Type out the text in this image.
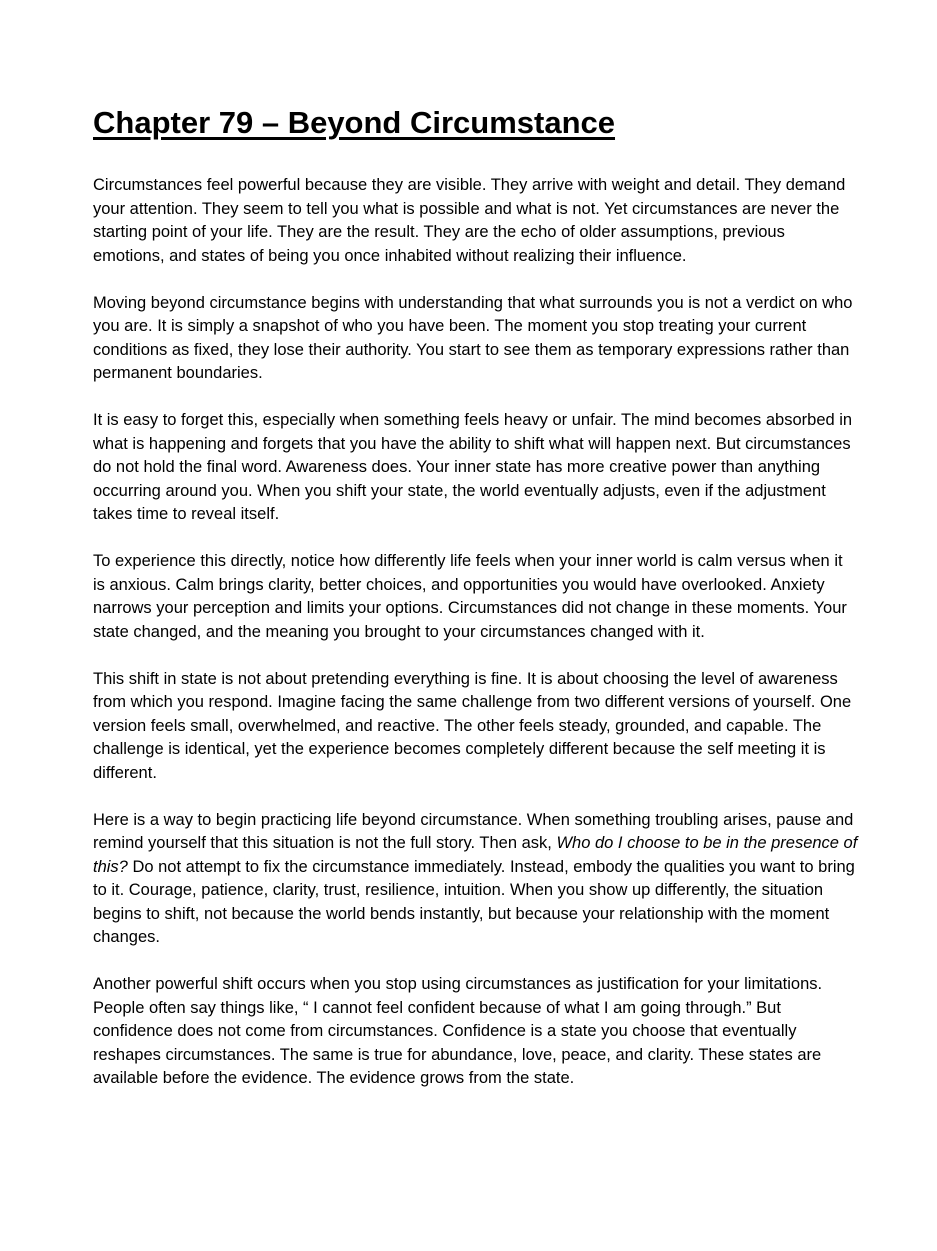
Chapter 79 – Beyond Circumstance

Circumstances feel powerful because they are visible. They arrive with weight and detail. They demand your attention. They seem to tell you what is possible and what is not. Yet circumstances are never the starting point of your life. They are the result. They are the echo of older assumptions, previous emotions, and states of being you once inhabited without realizing their influence.

Moving beyond circumstance begins with understanding that what surrounds you is not a verdict on who you are. It is simply a snapshot of who you have been. The moment you stop treating your current conditions as fixed, they lose their authority. You start to see them as temporary expressions rather than permanent boundaries.

It is easy to forget this, especially when something feels heavy or unfair. The mind becomes absorbed in what is happening and forgets that you have the ability to shift what will happen next. But circumstances do not hold the final word. Awareness does. Your inner state has more creative power than anything occurring around you. When you shift your state, the world eventually adjusts, even if the adjustment takes time to reveal itself.

To experience this directly, notice how differently life feels when your inner world is calm versus when it is anxious. Calm brings clarity, better choices, and opportunities you would have overlooked. Anxiety narrows your perception and limits your options. Circumstances did not change in these moments. Your state changed, and the meaning you brought to your circumstances changed with it.

This shift in state is not about pretending everything is fine. It is about choosing the level of awareness from which you respond. Imagine facing the same challenge from two different versions of yourself. One version feels small, overwhelmed, and reactive. The other feels steady, grounded, and capable. The challenge is identical, yet the experience becomes completely different because the self meeting it is different.

Here is a way to begin practicing life beyond circumstance. When something troubling arises, pause and remind yourself that this situation is not the full story. Then ask, Who do I choose to be in the presence of this? Do not attempt to fix the circumstance immediately. Instead, embody the qualities you want to bring to it. Courage, patience, clarity, trust, resilience, intuition. When you show up differently, the situation begins to shift, not because the world bends instantly, but because your relationship with the moment changes.

Another powerful shift occurs when you stop using circumstances as justification for your limitations. People often say things like, “ I cannot feel confident because of what I am going through.” But confidence does not come from circumstances. Confidence is a state you choose that eventually reshapes circumstances. The same is true for abundance, love, peace, and clarity. These states are available before the evidence. The evidence grows from the state.
